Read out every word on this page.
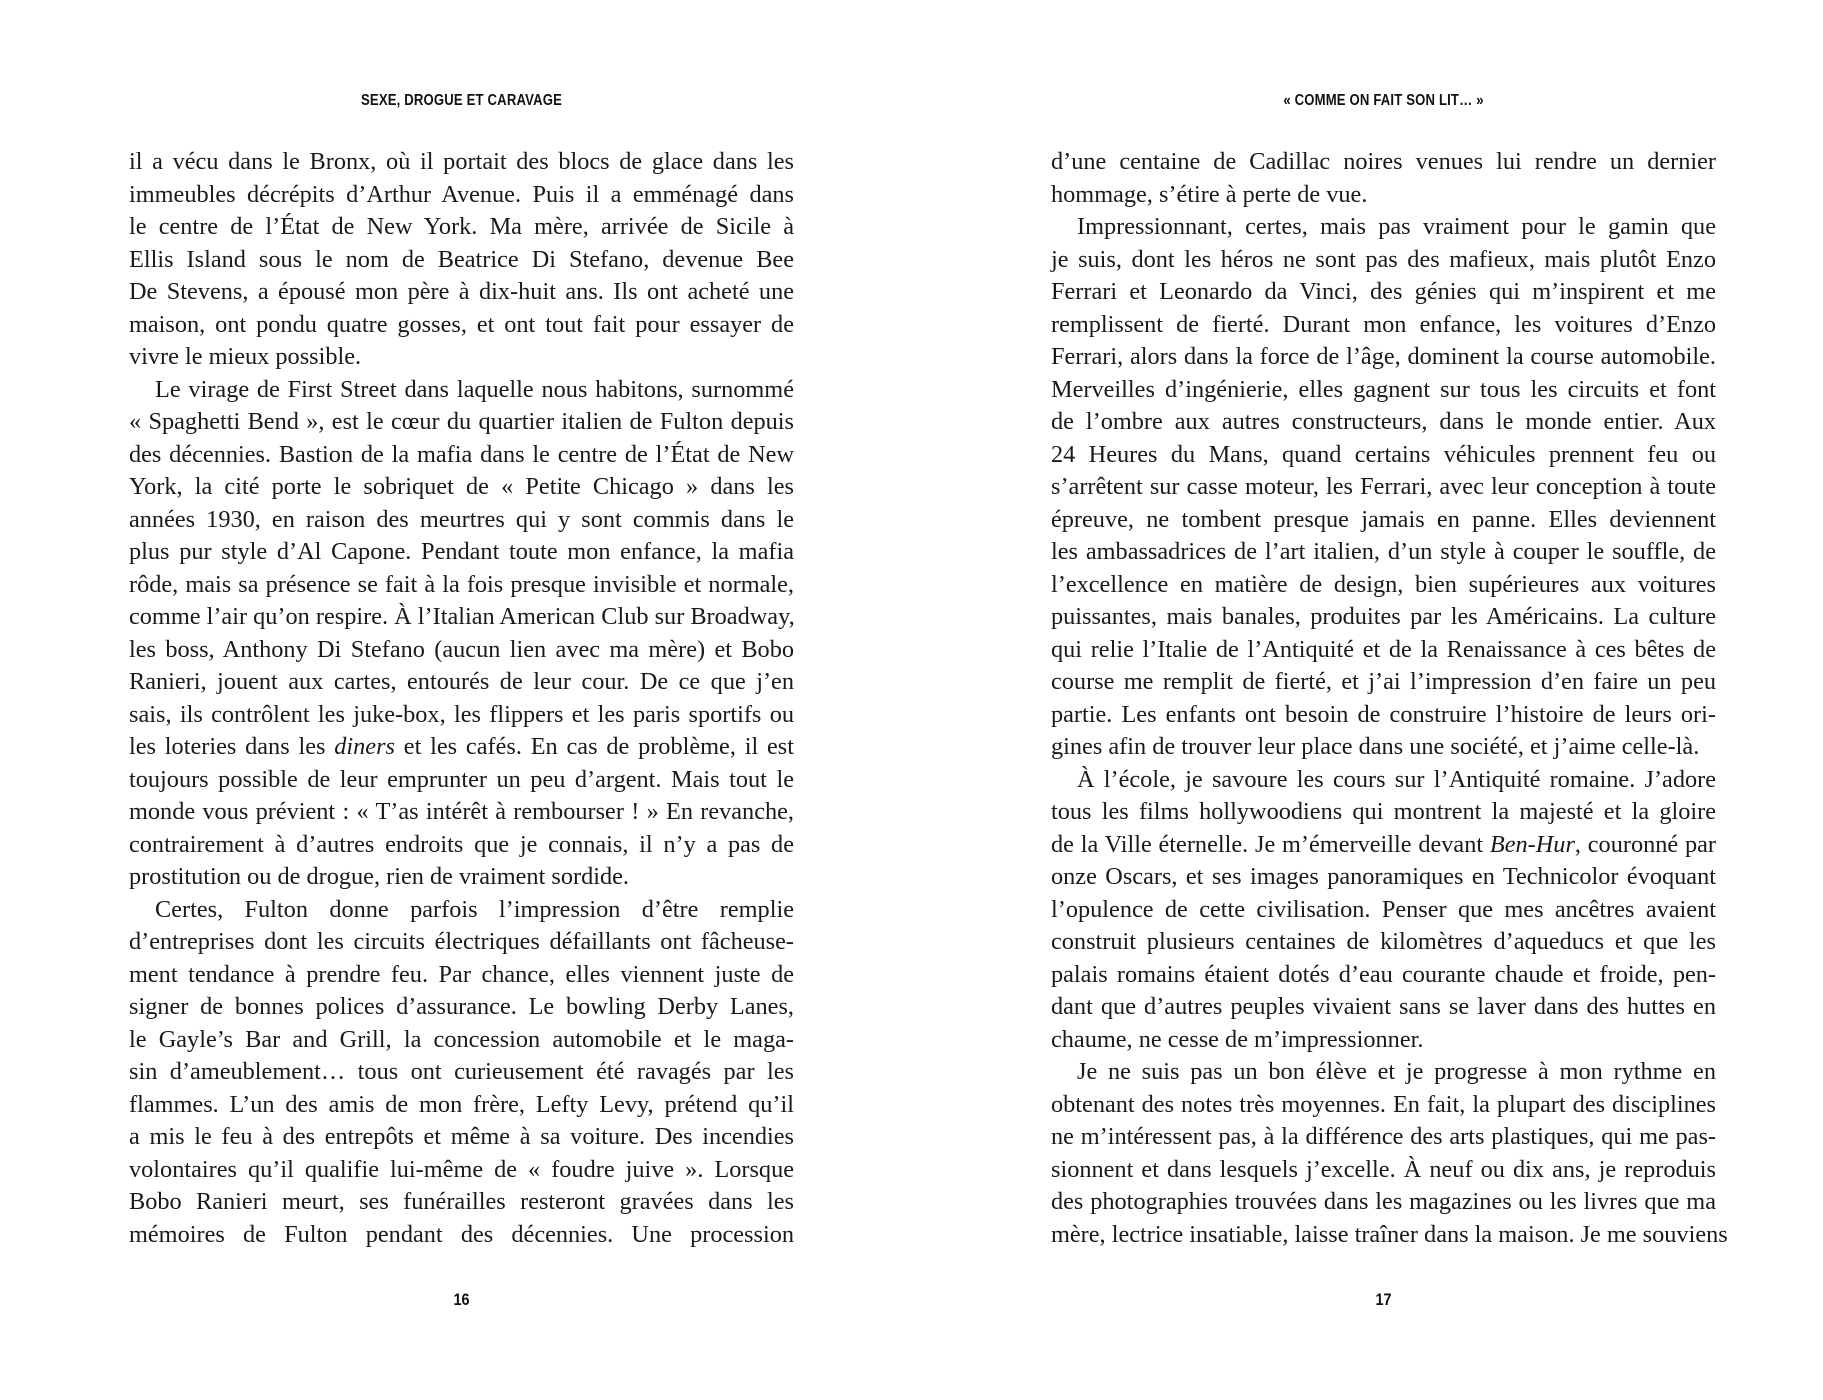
SEXE, DROGUE ET CARAVAGE
il a vécu dans le Bronx, où il portait des blocs de glace dans les
immeubles décrépits d’Arthur Avenue. Puis il a emménagé dans
le centre de l’État de New York. Ma mère, arrivée de Sicile à
Ellis Island sous le nom de Beatrice Di Stefano, devenue Bee
De Stevens, a épousé mon père à dix-huit ans. Ils ont acheté une
maison, ont pondu quatre gosses, et ont tout fait pour essayer de
vivre le mieux possible.
Le virage de First Street dans laquelle nous habitons, surnommé
« Spaghetti Bend », est le cœur du quartier italien de Fulton depuis
des décennies. Bastion de la mafia dans le centre de l’État de New
York, la cité porte le sobriquet de « Petite Chicago » dans les
années 1930, en raison des meurtres qui y sont commis dans le
plus pur style d’Al Capone. Pendant toute mon enfance, la mafia
rôde, mais sa présence se fait à la fois presque invisible et normale,
comme l’air qu’on respire. À l’Italian American Club sur Broadway,
les boss, Anthony Di Stefano (aucun lien avec ma mère) et Bobo
Ranieri, jouent aux cartes, entourés de leur cour. De ce que j’en
sais, ils contrôlent les juke-box, les flippers et les paris sportifs ou
les loteries dans les diners et les cafés. En cas de problème, il est
toujours possible de leur emprunter un peu d’argent. Mais tout le
monde vous prévient : « T’as intérêt à rembourser ! » En revanche,
contrairement à d’autres endroits que je connais, il n’y a pas de
prostitution ou de drogue, rien de vraiment sordide.
Certes, Fulton donne parfois l’impression d’être remplie
d’entreprises dont les circuits électriques défaillants ont fâcheuse-
ment tendance à prendre feu. Par chance, elles viennent juste de
signer de bonnes polices d’assurance. Le bowling Derby Lanes,
le Gayle’s Bar and Grill, la concession automobile et le maga-
sin d’ameublement… tous ont curieusement été ravagés par les
flammes. L’un des amis de mon frère, Lefty Levy, prétend qu’il
a mis le feu à des entrepôts et même à sa voiture. Des incendies
volontaires qu’il qualifie lui-même de « foudre juive ». Lorsque
Bobo Ranieri meurt, ses funérailles resteront gravées dans les
mémoires de Fulton pendant des décennies. Une procession
16
« COMME ON FAIT SON LIT… »
d’une centaine de Cadillac noires venues lui rendre un dernier
hommage, s’étire à perte de vue.
Impressionnant, certes, mais pas vraiment pour le gamin que
je suis, dont les héros ne sont pas des mafieux, mais plutôt Enzo
Ferrari et Leonardo da Vinci, des génies qui m’inspirent et me
remplissent de fierté. Durant mon enfance, les voitures d’Enzo
Ferrari, alors dans la force de l’âge, dominent la course automobile.
Merveilles d’ingénierie, elles gagnent sur tous les circuits et font
de l’ombre aux autres constructeurs, dans le monde entier. Aux
24 Heures du Mans, quand certains véhicules prennent feu ou
s’arrêtent sur casse moteur, les Ferrari, avec leur conception à toute
épreuve, ne tombent presque jamais en panne. Elles deviennent
les ambassadrices de l’art italien, d’un style à couper le souffle, de
l’excellence en matière de design, bien supérieures aux voitures
puissantes, mais banales, produites par les Américains. La culture
qui relie l’Italie de l’Antiquité et de la Renaissance à ces bêtes de
course me remplit de fierté, et j’ai l’impression d’en faire un peu
partie. Les enfants ont besoin de construire l’histoire de leurs ori-
gines afin de trouver leur place dans une société, et j’aime celle-là.
À l’école, je savoure les cours sur l’Antiquité romaine. J’adore
tous les films hollywoodiens qui montrent la majesté et la gloire
de la Ville éternelle. Je m’émerveille devant Ben-Hur, couronné par
onze Oscars, et ses images panoramiques en Technicolor évoquant
l’opulence de cette civilisation. Penser que mes ancêtres avaient
construit plusieurs centaines de kilomètres d’aqueducs et que les
palais romains étaient dotés d’eau courante chaude et froide, pen-
dant que d’autres peuples vivaient sans se laver dans des huttes en
chaume, ne cesse de m’impressionner.
Je ne suis pas un bon élève et je progresse à mon rythme en
obtenant des notes très moyennes. En fait, la plupart des disciplines
ne m’intéressent pas, à la différence des arts plastiques, qui me pas-
sionnent et dans lesquels j’excelle. À neuf ou dix ans, je reproduis
des photographies trouvées dans les magazines ou les livres que ma
mère, lectrice insatiable, laisse traîner dans la maison. Je me souviens
17
